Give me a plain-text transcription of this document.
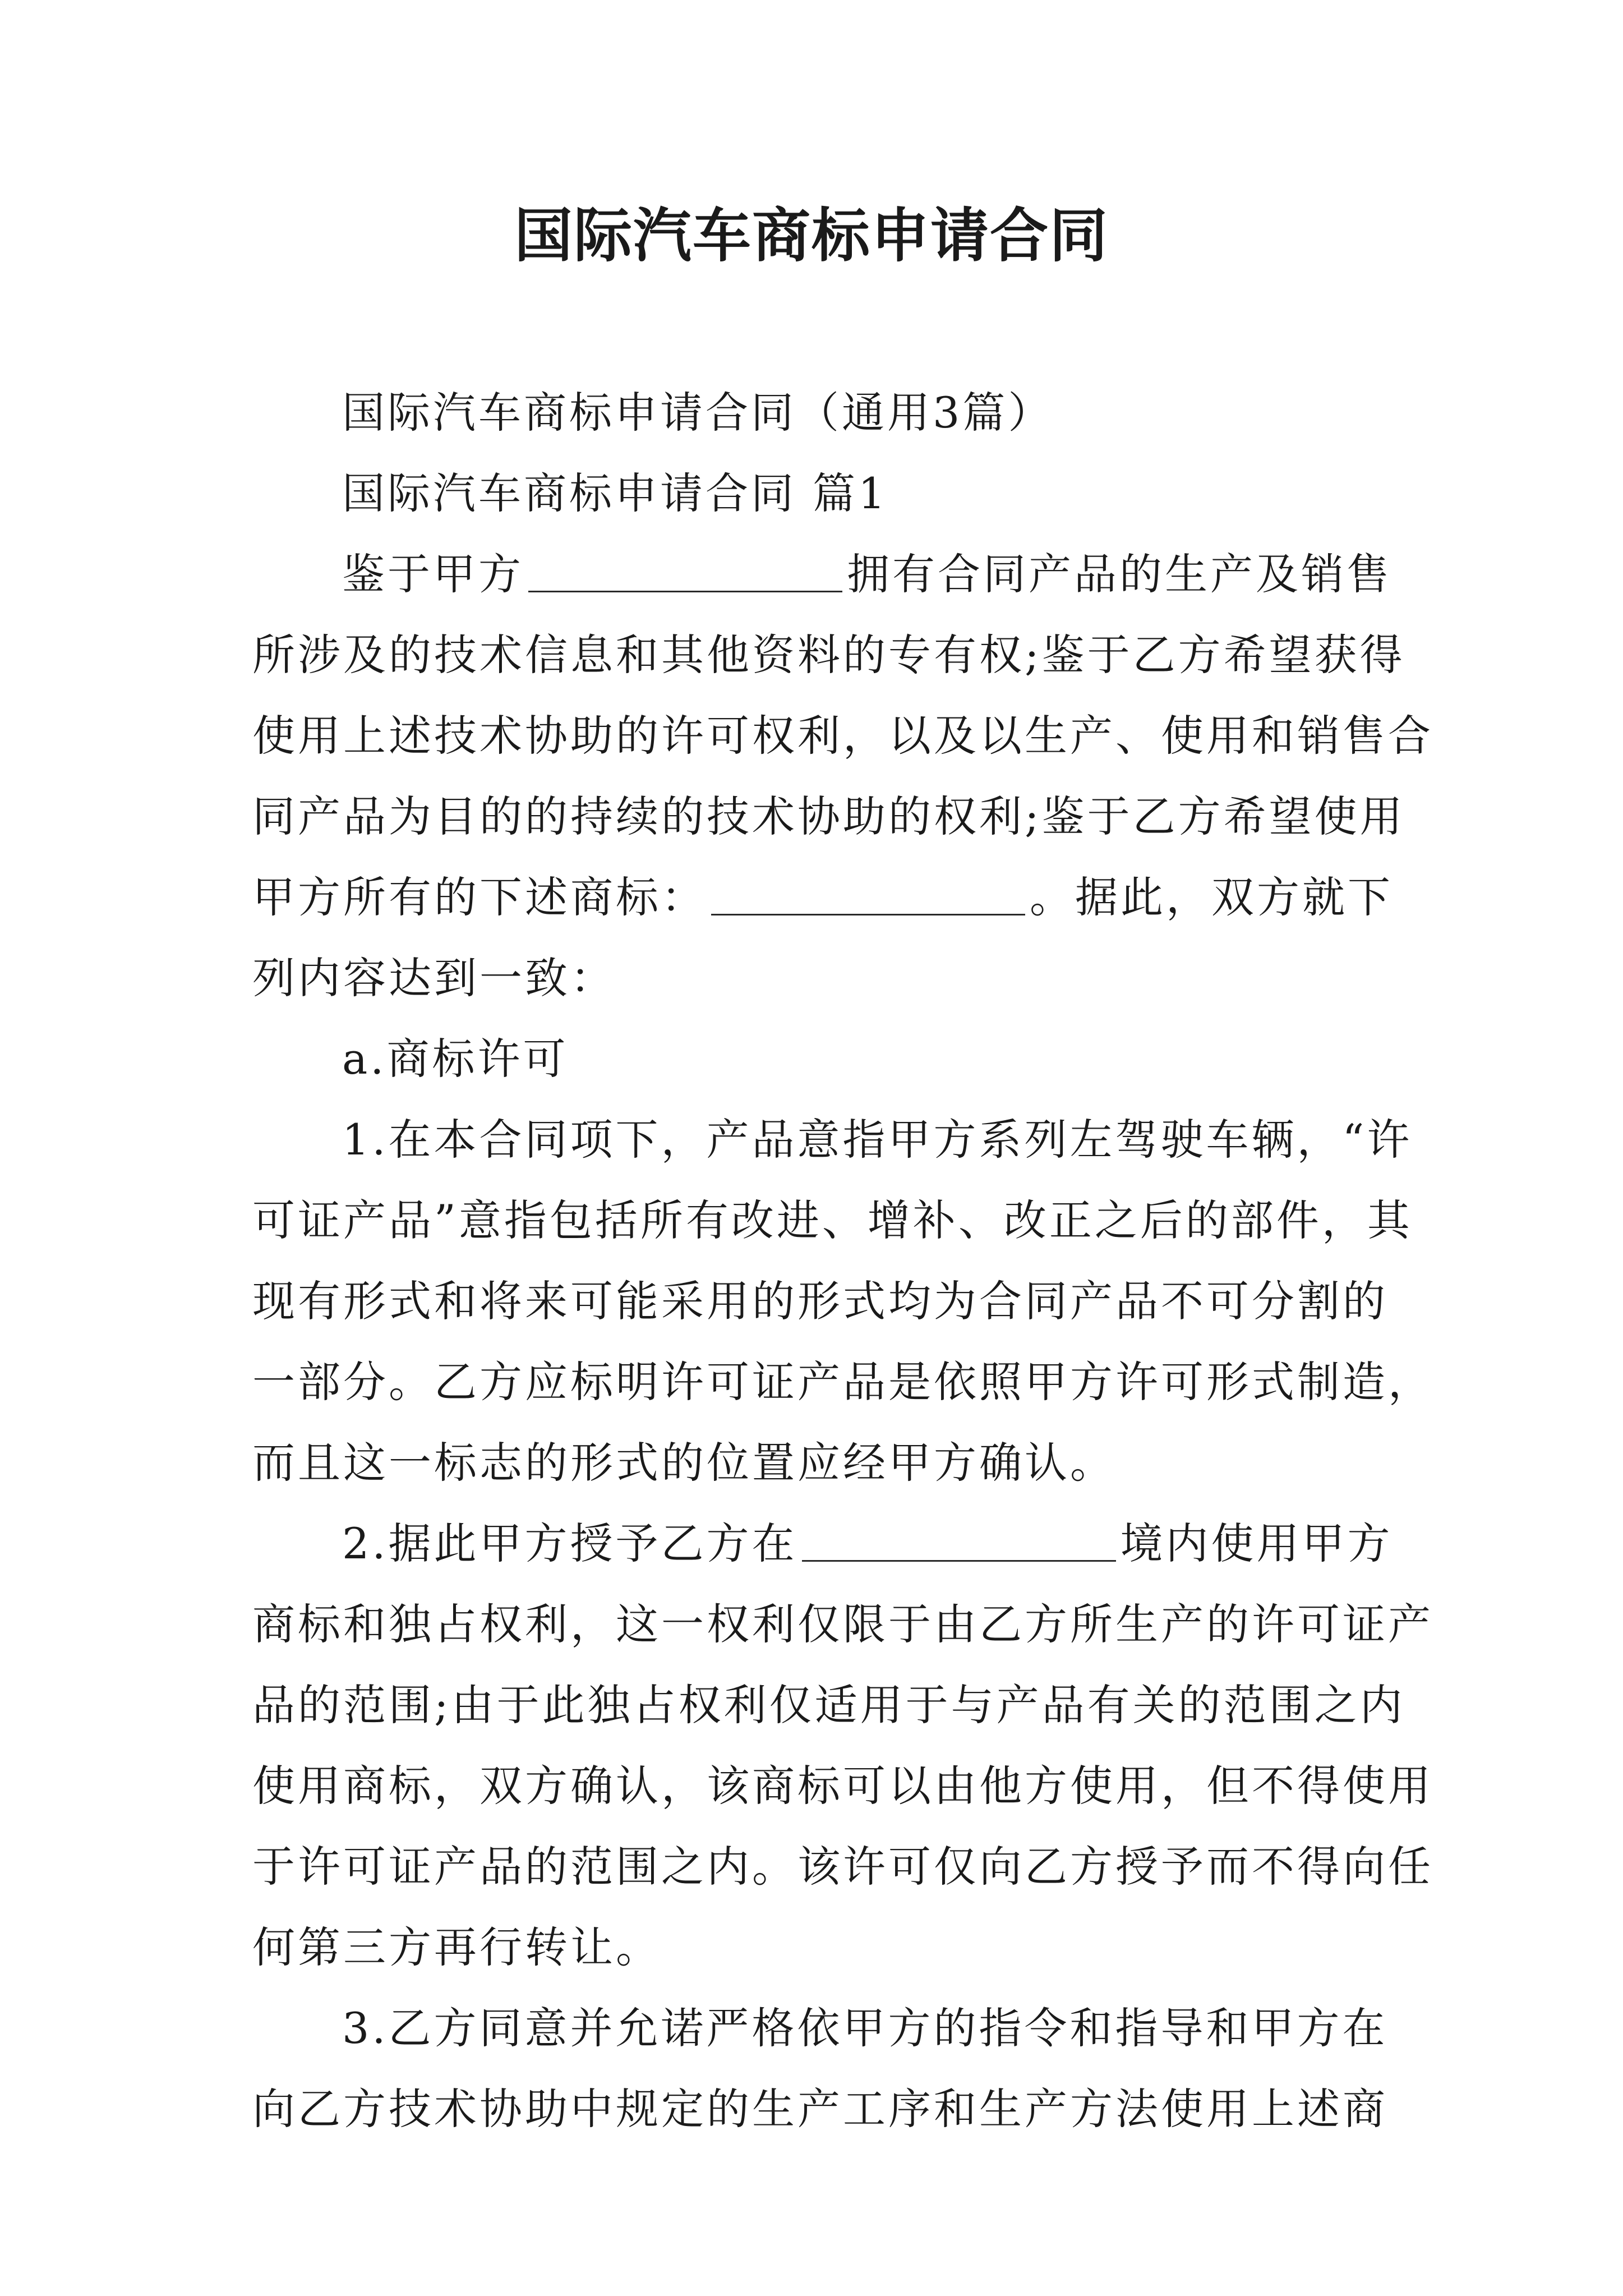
国际汽车商标申请合同
国际汽车商标申请合同（通用3篇）
国际汽车商标申请合同 篇1
鉴于甲方	拥有合同产品的生产及销售
所涉及的技术信息和其他资料的专有权;鉴于乙方希望获得
使用上述技术协助的许可权利，以及以生产、使用和销售合
同产品为目的的持续的技术协助的权利;鉴于乙方希望使用
甲方所有的下述商标：	。据此，双方就下
列内容达到一致：
a.商标许可
1.在本合同项下，产品意指甲方系列左驾驶车辆，“许
可证产品”意指包括所有改进、增补、改正之后的部件，其
现有形式和将来可能采用的形式均为合同产品不可分割的
一部分。乙方应标明许可证产品是依照甲方许可形式制造，
而且这一标志的形式的位置应经甲方确认。
2.据此甲方授予乙方在	境内使用甲方
商标和独占权利，这一权利仅限于由乙方所生产的许可证产
品的范围;由于此独占权利仅适用于与产品有关的范围之内
使用商标，双方确认，该商标可以由他方使用，但不得使用
于许可证产品的范围之内。该许可仅向乙方授予而不得向任
何第三方再行转让。
3.乙方同意并允诺严格依甲方的指令和指导和甲方在
向乙方技术协助中规定的生产工序和生产方法使用上述商
